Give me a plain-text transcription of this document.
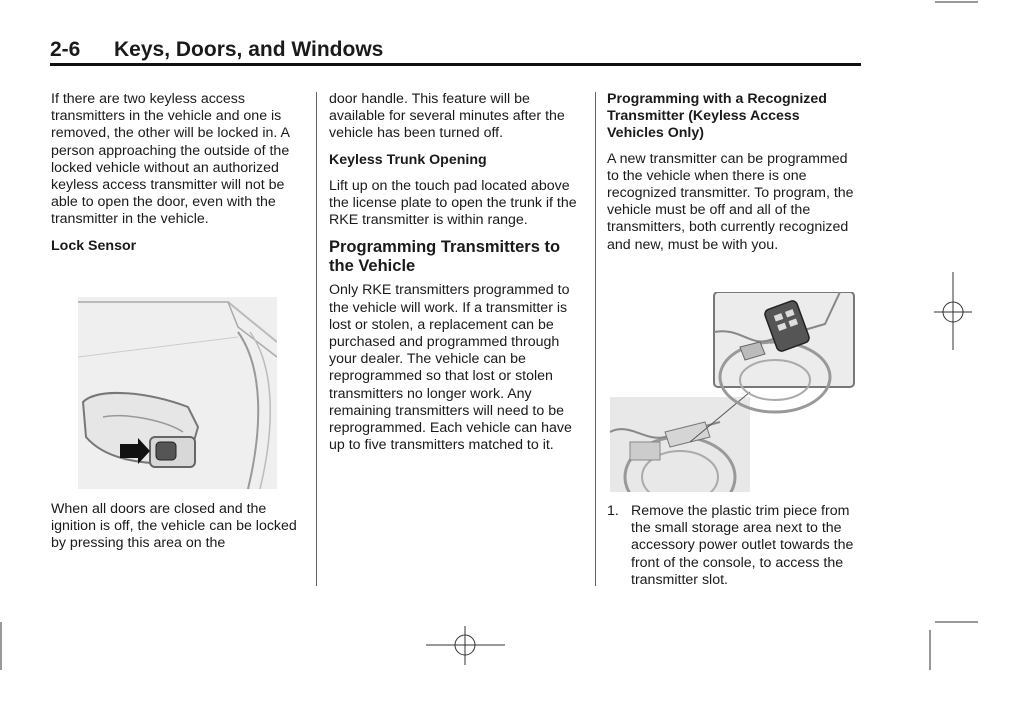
2-6 Keys, Doors, and Windows

If there are two keyless access transmitters in the vehicle and one is removed, the other will be locked in. A person approaching the outside of the locked vehicle without an authorized keyless access transmitter will not be able to open the door, even with the transmitter in the vehicle.

Lock Sensor

When all doors are closed and the ignition is off, the vehicle can be locked by pressing this area on the

door handle. This feature will be available for several minutes after the vehicle has been turned off.

Keyless Trunk Opening

Lift up on the touch pad located above the license plate to open the trunk if the RKE transmitter is within range.

Programming Transmitters to the Vehicle

Only RKE transmitters programmed to the vehicle will work. If a transmitter is lost or stolen, a replacement can be purchased and programmed through your dealer. The vehicle can be reprogrammed so that lost or stolen transmitters no longer work. Any remaining transmitters will need to be reprogrammed. Each vehicle can have up to five transmitters matched to it.

Programming with a Recognized Transmitter (Keyless Access Vehicles Only)

A new transmitter can be programmed to the vehicle when there is one recognized transmitter. To program, the vehicle must be off and all of the transmitters, both currently recognized and new, must be with you.

1. Remove the plastic trim piece from the small storage area next to the accessory power outlet towards the front of the console, to access the transmitter slot.
